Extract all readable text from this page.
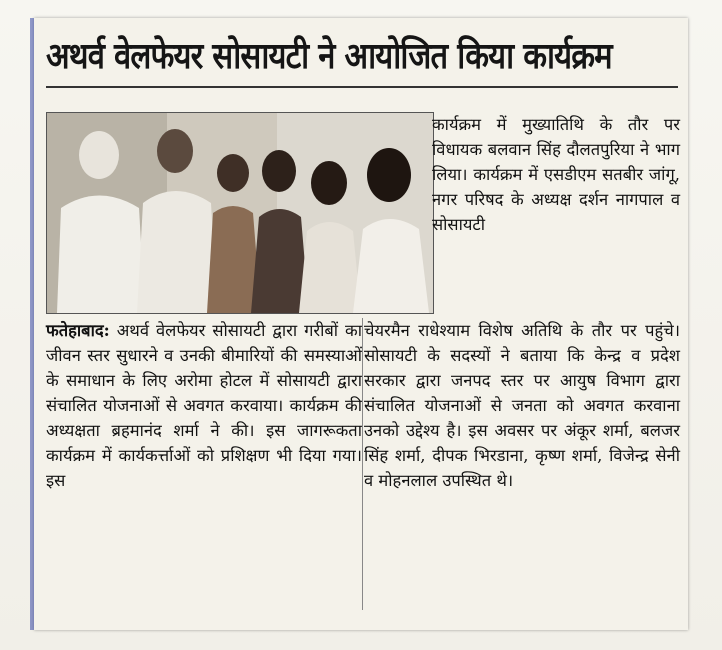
अथर्व वेलफेयर सोसायटी ने आयोजित किया कार्यक्रम

कार्यक्रम में मुख्यातिथि के तौर पर विधायक बलवान सिंह दौलतपुरिया ने भाग लिया। कार्यक्रम में एसडीएम सतबीर जांगू, नगर परिषद के अध्यक्ष दर्शन नागपाल व सोसायटी

फतेहाबाद: अथर्व वेलफेयर सोसायटी द्वारा गरीबों का जीवन स्तर सुधारने व उनकी बीमारियों की समस्याओं के समाधान के लिए अरोमा होटल में सोसायटी द्वारा संचालित योजनाओं से अवगत करवाया। कार्यक्रम की अध्यक्षता ब्रहमानंद शर्मा ने की। इस जागरूकता कार्यक्रम में कार्यकर्त्ताओं को प्रशिक्षण भी दिया गया। इस

चेयरमैन राधेश्याम विशेष अतिथि के तौर पर पहुंचे। सोसायटी के सदस्यों ने बताया कि केन्द्र व प्रदेश सरकार द्वारा जनपद स्तर पर आयुष विभाग द्वारा संचालित योजनाओं से जनता को अवगत करवाना उनको उद्देश्य है। इस अवसर पर अंकूर शर्मा, बलजर सिंह शर्मा, दीपक भिरडाना, कृष्ण शर्मा, विजेन्द्र सेनी व मोहनलाल उपस्थित थे।
